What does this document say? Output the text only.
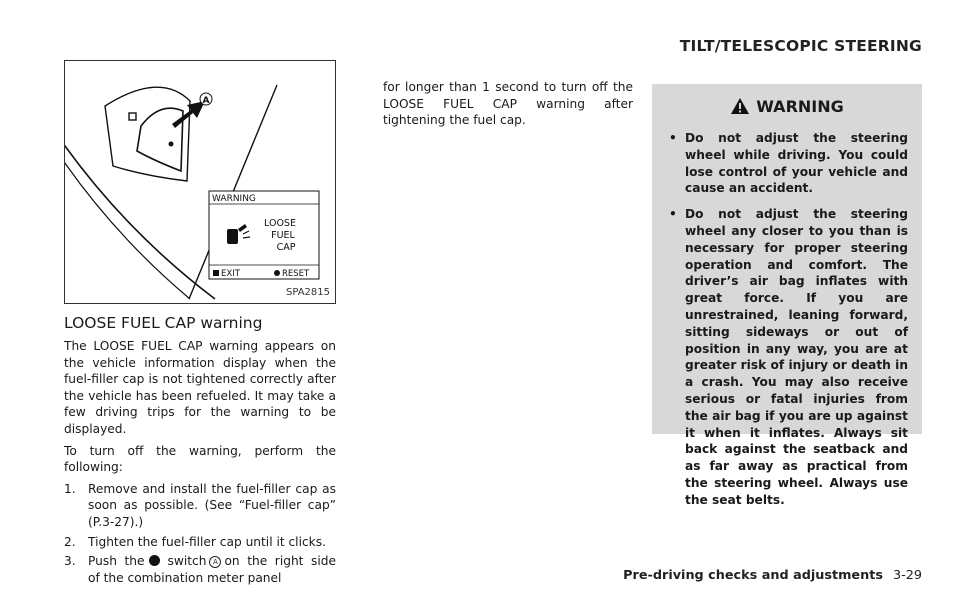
TILT/TELESCOPIC STEERING
A
WARNING
LOOSE
FUEL
CAP
EXIT	RESET
SPA2815
LOOSE FUEL CAP warning

The LOOSE FUEL CAP warning appears on the vehicle information display when the fuel-filler cap is not tightened correctly after the vehicle has been refueled. It may take a few driving trips for the warning to be displayed.

To turn off the warning, perform the following:

1. Remove and install the fuel-filler cap as soon as possible. (See “Fuel-filler cap” (P.3-27).)
2. Tighten the fuel-filler cap until it clicks.
3. Push the switch A on the right side of the combination meter panel

for longer than 1 second to turn off the LOOSE FUEL CAP warning after tightening the fuel cap.

WARNING
• Do not adjust the steering wheel while driving. You could lose control of your vehicle and cause an accident.
• Do not adjust the steering wheel any closer to you than is necessary for proper steering operation and comfort. The driver’s air bag inflates with great force. If you are unrestrained, leaning forward, sitting sideways or out of position in any way, you are at greater risk of injury or death in a crash. You may also receive serious or fatal injuries from the air bag if you are up against it when it inflates. Always sit back against the seatback and as far away as practical from the steering wheel. Always use the seat belts.
Pre-driving checks and adjustments 3-29
